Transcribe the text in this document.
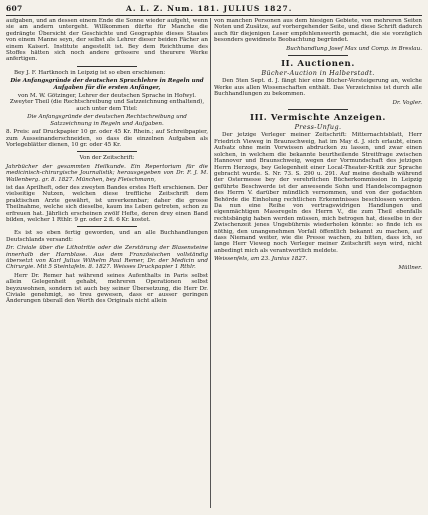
607	A. L. Z. Num. 181. JULIUS 1827.

aufgaben, und an dessen einem Ende die Sonne wieder aufgeht, wenn sie am andern untergeht. Willkommen dürfte für Manche die gedrängte Übersicht der Geschichte und Geographie dieses Staates von einem Manne seyn, der selbst als Lehrer dieser beiden Fächer an einem Kaiserl. Institute angestellt ist. Bey dem Reichthume des Stoffes hätten sich noch andere grössere und theurere Werke anfertigen.

Bey J. F. Hartknoch in Leipzig ist so eben erschienen:

Die Anfangsgründe der deutschen Sprachlehre in Regeln und Aufgaben für die ersten Anfänger,

von M. W. Götzinger, Lehrer der deutschen Sprache in Hofwyl. Zweyter Theil (die Rechtschreibung und Satzzeichnung enthaltend), auch unter dem Titel:

Die Anfangsgründe der deutschen Rechtschreibung und Satzzeichnung in Regeln und Aufgaben.

8. Preis: auf Druckpapier 10 gr. oder 45 Kr. Rhein.; auf Schreibpapier, zum Ausseinanderschneiden, so dass die einzelnen Aufgaben als Vorlegeblätter dienen, 10 gr. oder 45 Kr.

Von der Zeitschrift:

Jahrbücher der gesammten Heilkunde. Ein Repertorium für die medicinisch-chirurgische Journalistik; herausgegeben von Dr. F. J. M. Wallenberg. gr. 8. 1827. München, bey Fleischmann,

ist das Aprilheft, oder des zweyten Bandes erstes Heft erschienen. Der vielseitige Nutzen, welchen diese treffliche Zeitschrift dem praktischen Arzte gewährt, ist unverkennbar; daher die grosse Theilnahme, welche sich dieselbe, kaum ins Leben getreten, schon zu erfreuen hat. Jährlich erscheinen zwölf Hefte, deren drey einen Band bilden, welcher 1 Rthlr. 9 gr. oder 2 fl. 6 Kr. kostet.

Es ist so eben fertig geworden, und an alle Buchhandlungen Deutschlands versandt:

Dr. Civiale über die Lithotritie oder die Zerstörung der Blasensteine innerhalb der Harnblase. Aus dem Französischen vollständig übersetzt von Karl Julius Wilhelm Paul Remer, Dr. der Medicin und Chirurgie. Mit 5 Steintafeln. 8. 1827. Weisses Druckpapier 1 Rthlr.

Herr Dr. Remer hat während seines Aufenthalts in Paris selbst allein Gelegenheit gehabt, mehreren Operationen selbst beyzuwohnen, sondern ist auch bey seiner Übersetzung, die Herr Dr. Civiale genehmigt, so treu gewesen, dass er ausser geringen Änderungen überall den Werth des Originals nicht allein

von manchen Personen aus dem hiesigen Gebiete, von mehreren Seiten Noten und Zusätze, auf vorhergehender Seite, und diese Schrift dadurch auch für diejenigen Leser empfehlenswerth gemacht, die sie vorzüglich besonders gewidmete Beobachtung begründet.

Buchhandlung Josef Max und Comp. in Breslau.

II. Auctionen.
Bücher-Auction in Halberstadt.

Den 5ten Sept. d. J. fängt hier eine Bücher-Versteigerung an, welche Werke aus allen Wissenschaften enthält. Das Verzeichniss ist durch alle Buchhandlungen zu bekommen.

Dr. Vogler.

III. Vermischte Anzeigen.
Press-Unfug.

Der jetzige Verleger meiner Zeitschrift: Mitternachtsblatt, Herr Friedrich Vieweg in Braunschweig, hat im May d. J. sich erlaubt, einen Aufsatz ohne mein Vorwissen abdrucken zu lassen, und zwar einen solchen, in welchem die bekannte beurtheilende Streitfrage zwischen Hannover und Braunschweig, wegen der Vormundschaft des jetzigen Herrn Herzogs, bey Gelegenheit einer Local-Theater-Kritik zur Sprache gebracht wurde. S. Nr. 73. S. 290 u. 291. Auf meine deshalb während der Ostermesse bey der verehrlichen Bücherkommission in Leipzig geführte Beschwerde ist der anwesende Sohn und Handelscompagnon des Herrn V. darüber mündlich vernommen, und von der gedachten Behörde die Einholung rechtlichen Erkenntnisses beschlossen worden. Da nun eine Reihe von vertragswidrigen Handlungen und eigenmächtigen Massregeln des Herrn V., die zum Theil ebenfalls rechtsbängig haben werden müssen, mich betrogen hat, dieselbe in der Zwischenzeit jenes Ungebührnis wiederholen könnte: so finde ich es nöthig, den unangenehmen Vorfall öffentlich bekannt zu machen, auf dass Niemand weiter, wie die Presse wachen, zu bitten, dass ich, so lange Herr Vieweg noch Verleger meiner Zeitschrift seyn wird, nicht anbedingt mich als verantwortlich meldete.

Weissenfels, am 23. Junius 1827.

Müllner.
